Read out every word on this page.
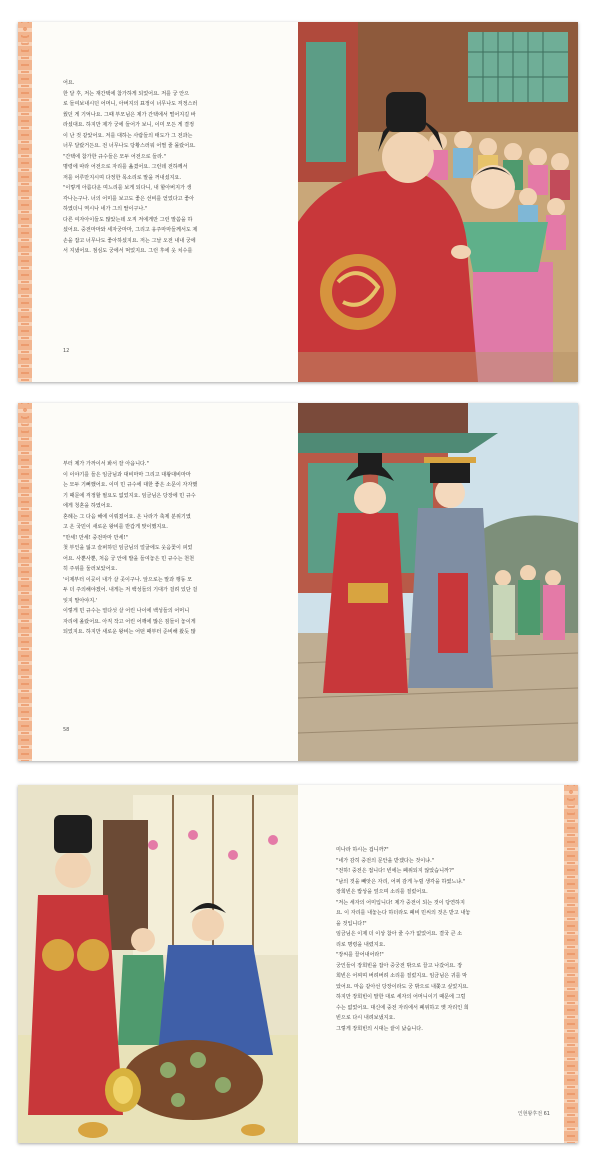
어요.

한 달 후, 저는 재간택에 참가하게 되었어요. 저를 궁 안으

로 들여보내시던 어머니, 아버지의 표정이 너무나도 걱정스러

웠던 게 기억나요. 그때 부모님은 제가 간택에서 떨어지길 바

라셨대요. 하지만 제가 궁에 들어가 보니, 이미 모든 게 결정

이 난 것 같았어요. 저를 대하는 사람들의 태도가 그 전과는

너무 달랐거든요. 전 너무나도 당황스러워 어쩔 줄 몰랐어요.

"간택에 참가한 규수들은 모두 어전으로 들라."

명령에 따라 어전으로 자리를 옮겼어요. 그런데 전하께서

저를 어루만지시며 다정한 목소리로 말을 꺼내셨지요.

"이렇게 아름다운 며느리를 보게 되다니, 내 할아버지가 생

각나는구나. 너의 어미를 보고도 좋은 선비를 얻었다고 좋아

하였더니 역시나 네가 그의 딸이구나."

다른 여자아이들도 많았는데 오직 저에게만 그런 말씀을 하

셨어요. 중전마마와 세자궁마마, 그리고 옹주마마들께서도 제

손을 잡고 너무나도 좋아하셨지요. 저는 그날 오전 내내 궁에

서 지냈어요. 점심도 궁에서 먹었지요. 그런 후에 옷 치수를

12

부터 제가 가까이서 봐서 잘 아옵니다."

이 이야기를 들은 임금님과 대비마마 그리고 대왕대비마마

는 모두 기뻐했어요. 이미 민 규수에 대한 좋은 소문이 자자했

기 때문에 걱정할 필요도 없었지요. 임금님은 당장에 민 규수

에게 청혼을 하였어요.

혼례는 그 다음 해에 이뤄졌어요. 온 나라가 축제 분위기였

고 온 국민이 새로운 왕비를 반갑게 맞이했지요.

"만세! 만세! 중전마마 만세!"

첫 부인을 잃고 슬퍼하던 임금님의 얼굴에도 웃음꽃이 피었

어요. 사뿐사뿐, 처음 궁 안에 발을 들여놓은 민 규수는 천천

히 주위를 둘러보았어요.

'이제부터 이곳이 내가 살 곳이구나. 앞으로는 말과 행동 모

두 더 주의해야겠어. 내게는 저 백성들의 기대가 걸려 있단 걸

잊지 말아야지.'

이렇게 민 규수는 열다섯 살 어린 나이에 백성들의 어머니

자리에 올랐어요. 아직 작고 어린 어깨에 많은 짐들이 놓이게

되었지요. 하지만 새로운 왕비는 어떤 때부터 준비해 왔듯 많

58

미나라 하시는 겁니까?"

"네가 감히 중전의 문안을 받겠다는 것이냐."

"전하! 중전은 접니다! 빈에는 폐위되지 않았습니까?"

"남의 것을 빼앗은 자리, 어찌 감게 누릴 생각을 하였느냐."

장희빈은 밥상을 엎으며 소리를 질렀어요.

"저는 세자의 어미입니다! 제가 중전이 되는 것이 당연하지

요. 이 자리를 내놓는다 하더라도 폐비 민씨의 것은 받고 내놓

을 것입니다!"

임금님은 이제 더 이상 참아 줄 수가 없었어요. 결국 큰 소

리로 명령을 내렸지요.

"장씨를 끌어내어라!"

궁인들이 장희빈을 잡아 중궁전 밖으로 끌고 나갔어요. 장

희빈은 어찌며 버려버려 소리를 질렀지요. 임금님은 귀를 막

았어요. 마음 같아선 당장이라도 궁 밖으로 내쫓고 싶었지요.

하지만 장희빈이 말한 대로 세자의 어머니이기 때문에 그럴

수는 없었어요. 대신에 중전 자리에서 폐위하고 옛 자리인 희

빈으로 다시 내려보냈지요.

그렇게 장희빈의 시대는 끝이 났습니다.

인현왕후전 61
